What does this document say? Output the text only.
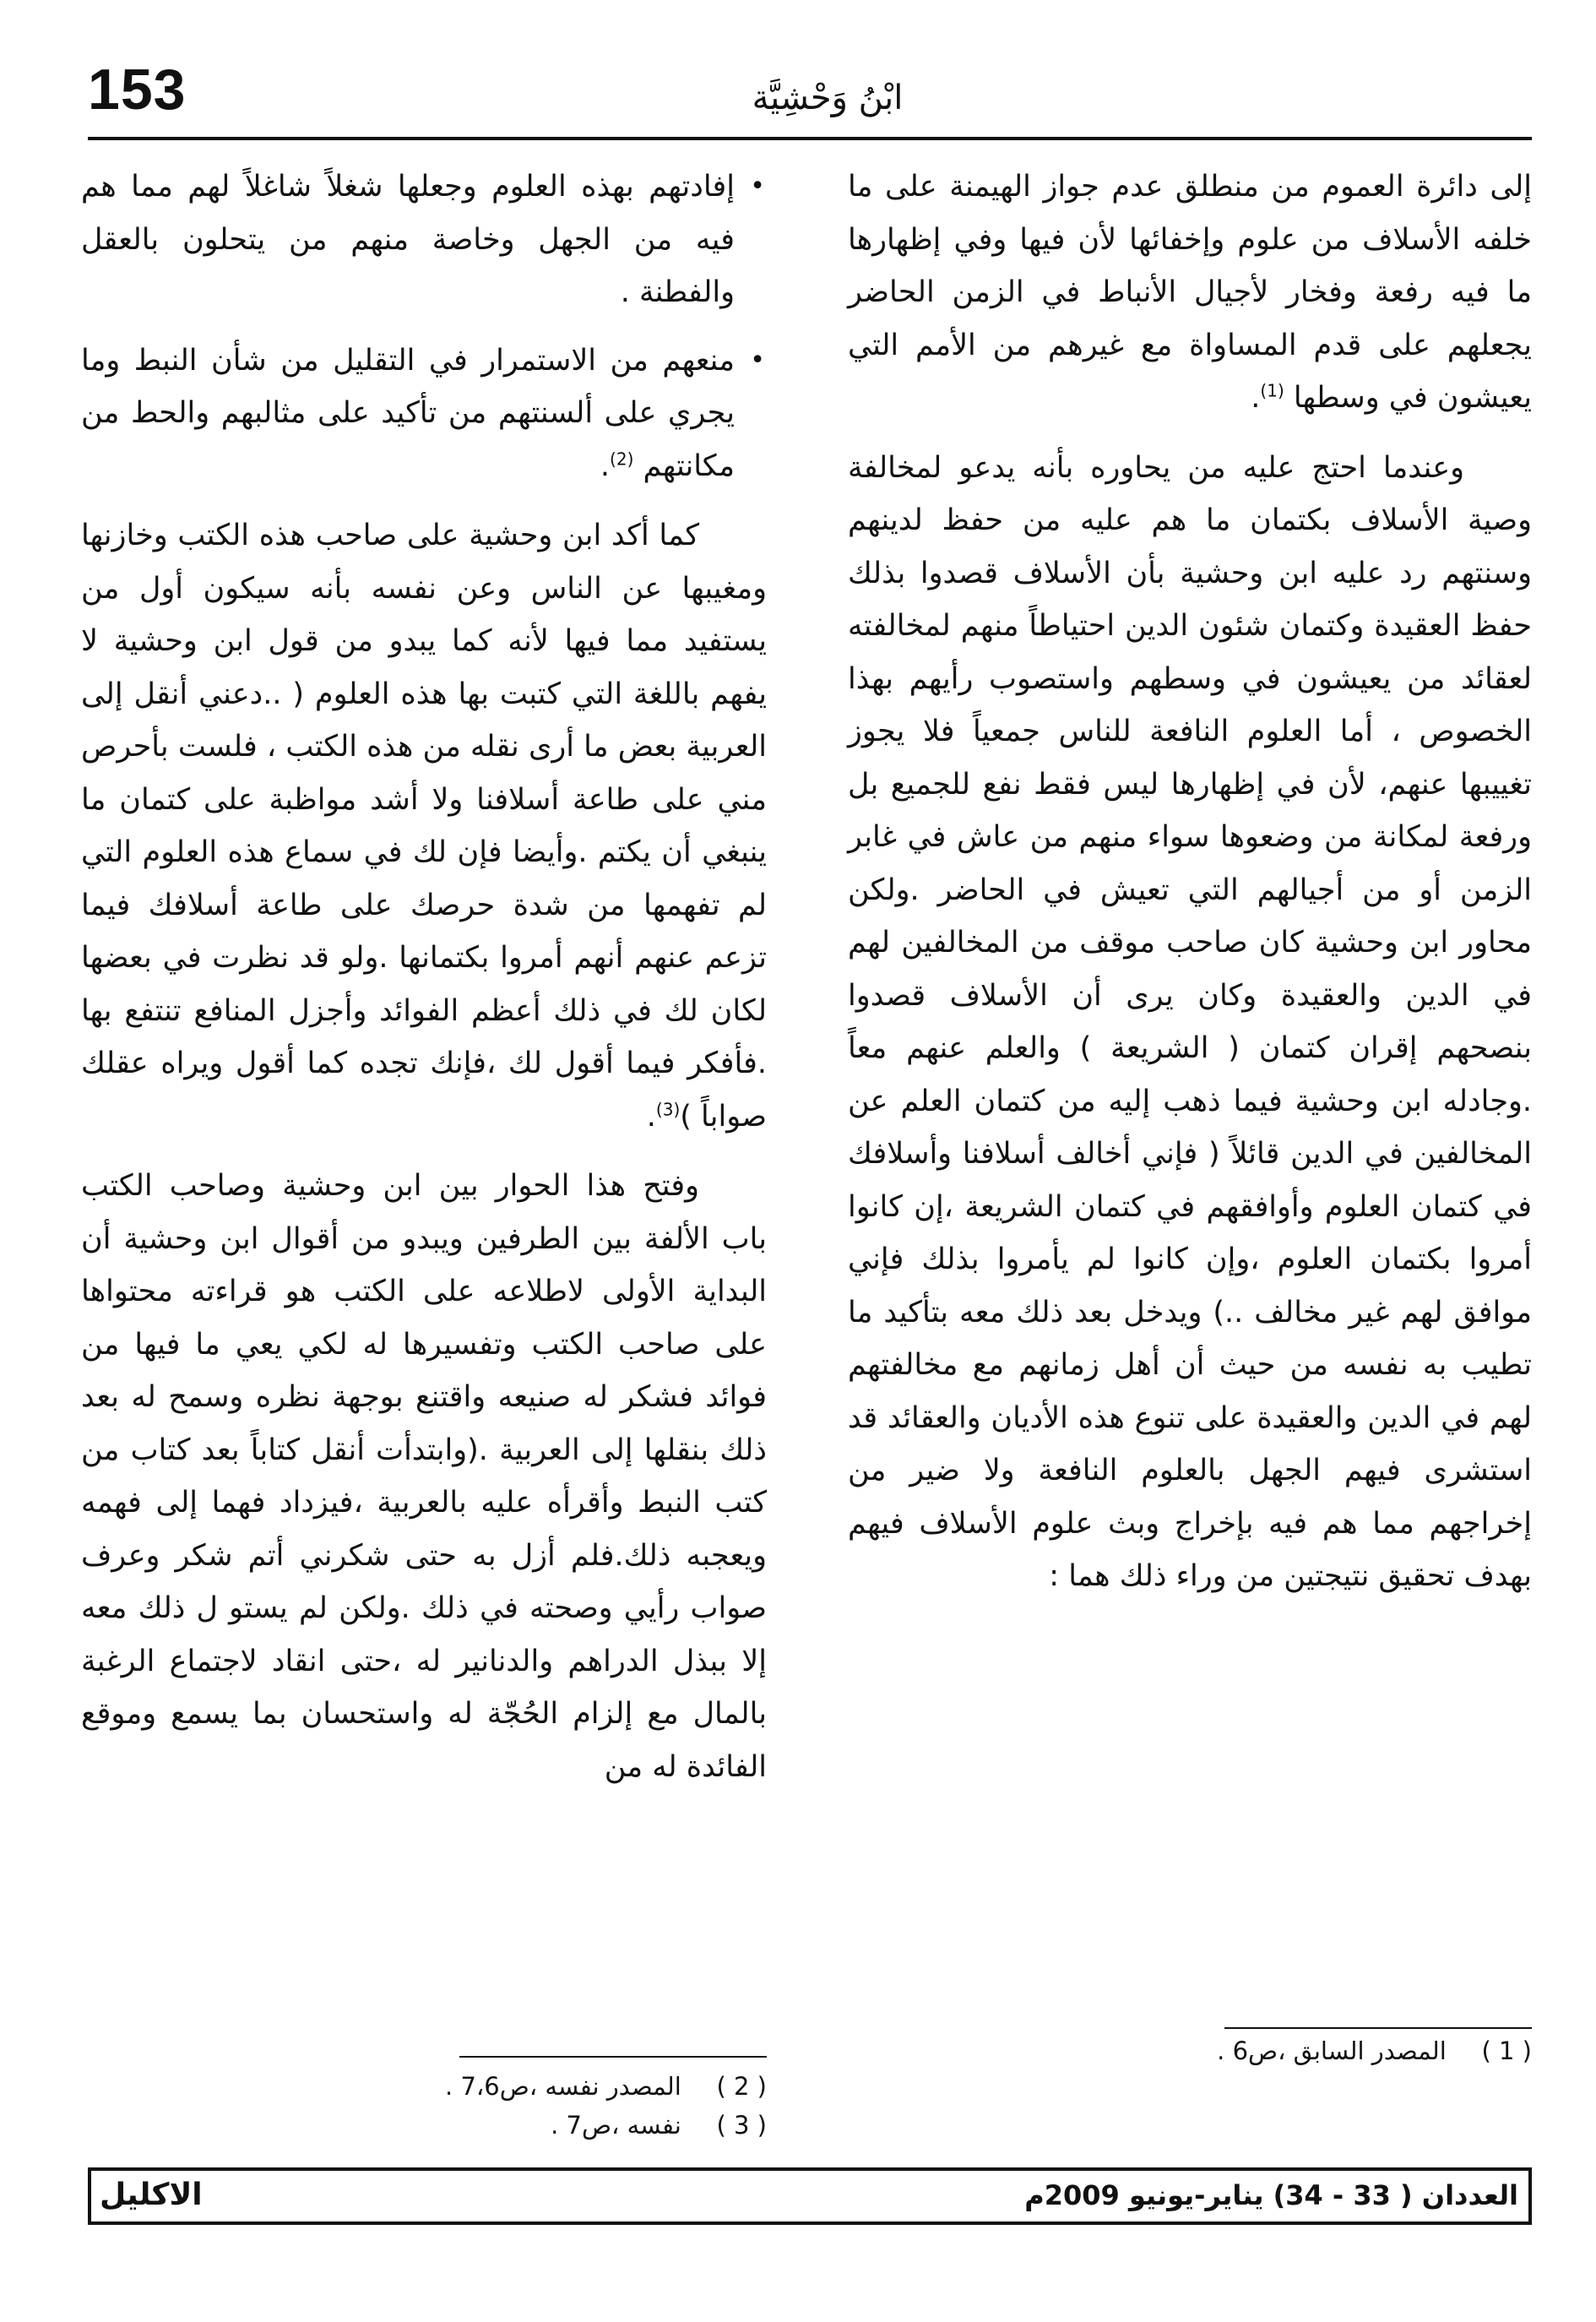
153	ابْنُ وَحْشِيَّة

إلى دائرة العموم من منطلق عدم جواز الهيمنة على ما خلفه الأسلاف من علوم وإخفائها لأن فيها وفي إظهارها ما فيه رفعة وفخار لأجيال الأنباط في الزمن الحاضر يجعلهم على قدم المساواة مع غيرهم من الأمم التي يعيشون في وسطها $^{(1)}$.

وعندما احتج عليه من يحاوره بأنه يدعو لمخالفة وصية الأسلاف بكتمان ما هم عليه من حفظ لدينهم وسنتهم رد عليه ابن وحشية بأن الأسلاف قصدوا بذلك حفظ العقيدة وكتمان شئون الدين احتياطاً منهم لمخالفته لعقائد من يعيشون في وسطهم واستصوب رأيهم بهذا الخصوص ، أما العلوم النافعة للناس جمعياً فلا يجوز تغييبها عنهم، لأن في إظهارها ليس فقط نفع للجميع بل ورفعة لمكانة من وضعوها سواء منهم من عاش في غابر الزمن أو من أجيالهم التي تعيش في الحاضر .ولكن محاور ابن وحشية كان صاحب موقف من المخالفين لهم في الدين والعقيدة وكان يرى أن الأسلاف قصدوا بنصحهم إقران كتمان ( الشريعة ) والعلم عنهم معاً .وجادله ابن وحشية فيما ذهب إليه من كتمان العلم عن المخالفين في الدين قائلاً ( فإني أخالف أسلافنا وأسلافك في كتمان العلوم وأوافقهم في كتمان الشريعة ،إن كانوا أمروا بكتمان العلوم ،وإن كانوا لم يأمروا بذلك فإني موافق لهم غير مخالف ..) ويدخل بعد ذلك معه بتأكيد ما تطيب به نفسه من حيث أن أهل زمانهم مع مخالفتهم لهم في الدين والعقيدة على تنوع هذه الأديان والعقائد قد استشرى فيهم الجهل بالعلوم النافعة ولا ضير من إخراجهم مما هم فيه بإخراج وبث علوم الأسلاف فيهم بهدف تحقيق نتيجتين من وراء ذلك هما :

•
إفادتهم بهذه العلوم وجعلها شغلاً شاغلاً لهم مما هم فيه من الجهل وخاصة منهم من يتحلون بالعقل والفطنة .
•
منعهم من الاستمرار في التقليل من شأن النبط وما يجري على ألسنتهم من تأكيد على مثالبهم والحط من مكانتهم $^{(2)}$.

كما أكد ابن وحشية على صاحب هذه الكتب وخازنها ومغيبها عن الناس وعن نفسه بأنه سيكون أول من يستفيد مما فيها لأنه كما يبدو من قول ابن وحشية لا يفهم باللغة التي كتبت بها هذه العلوم ( ..دعني أنقل إلى العربية بعض ما أرى نقله من هذه الكتب ، فلست بأحرص مني على طاعة أسلافنا ولا أشد مواظبة على كتمان ما ينبغي أن يكتم .وأيضا فإن لك في سماع هذه العلوم التي لم تفهمها من شدة حرصك على طاعة أسلافك فيما تزعم عنهم أنهم أمروا بكتمانها .ولو قد نظرت في بعضها لكان لك في ذلك أعظم الفوائد وأجزل المنافع تنتفع بها .فأفكر فيما أقول لك ،فإنك تجده كما أقول ويراه عقلك صواباً )$^{(3)}$.

وفتح هذا الحوار بين ابن وحشية وصاحب الكتب باب الألفة بين الطرفين ويبدو من أقوال ابن وحشية أن البداية الأولى لاطلاعه على الكتب هو قراءته محتواها على صاحب الكتب وتفسيرها له لكي يعي ما فيها من فوائد فشكر له صنيعه واقتنع بوجهة نظره وسمح له بعد ذلك بنقلها إلى العربية .(وابتدأت أنقل كتاباً بعد كتاب من كتب النبط وأقرأه عليه بالعربية ،فيزداد فهما إلى فهمه ويعجبه ذلك.فلم أزل به حتى شكرني أتم شكر وعرف صواب رأيي وصحته في ذلك .ولكن لم يستو ل ذلك معه إلا ببذل الدراهم والدنانير له ،حتى انقاد لاجتماع الرغبة بالمال مع إلزام الحُجّة له واستحسان بما يسمع وموقع الفائدة له من

( 1 ) المصدر السابق ،ص6 .
( 2 ) المصدر نفسه ،ص7،6 .
( 3 ) نفسه ،ص7 .
العددان ( 33 - 34) يناير-يونيو 2009م
الاكليل
